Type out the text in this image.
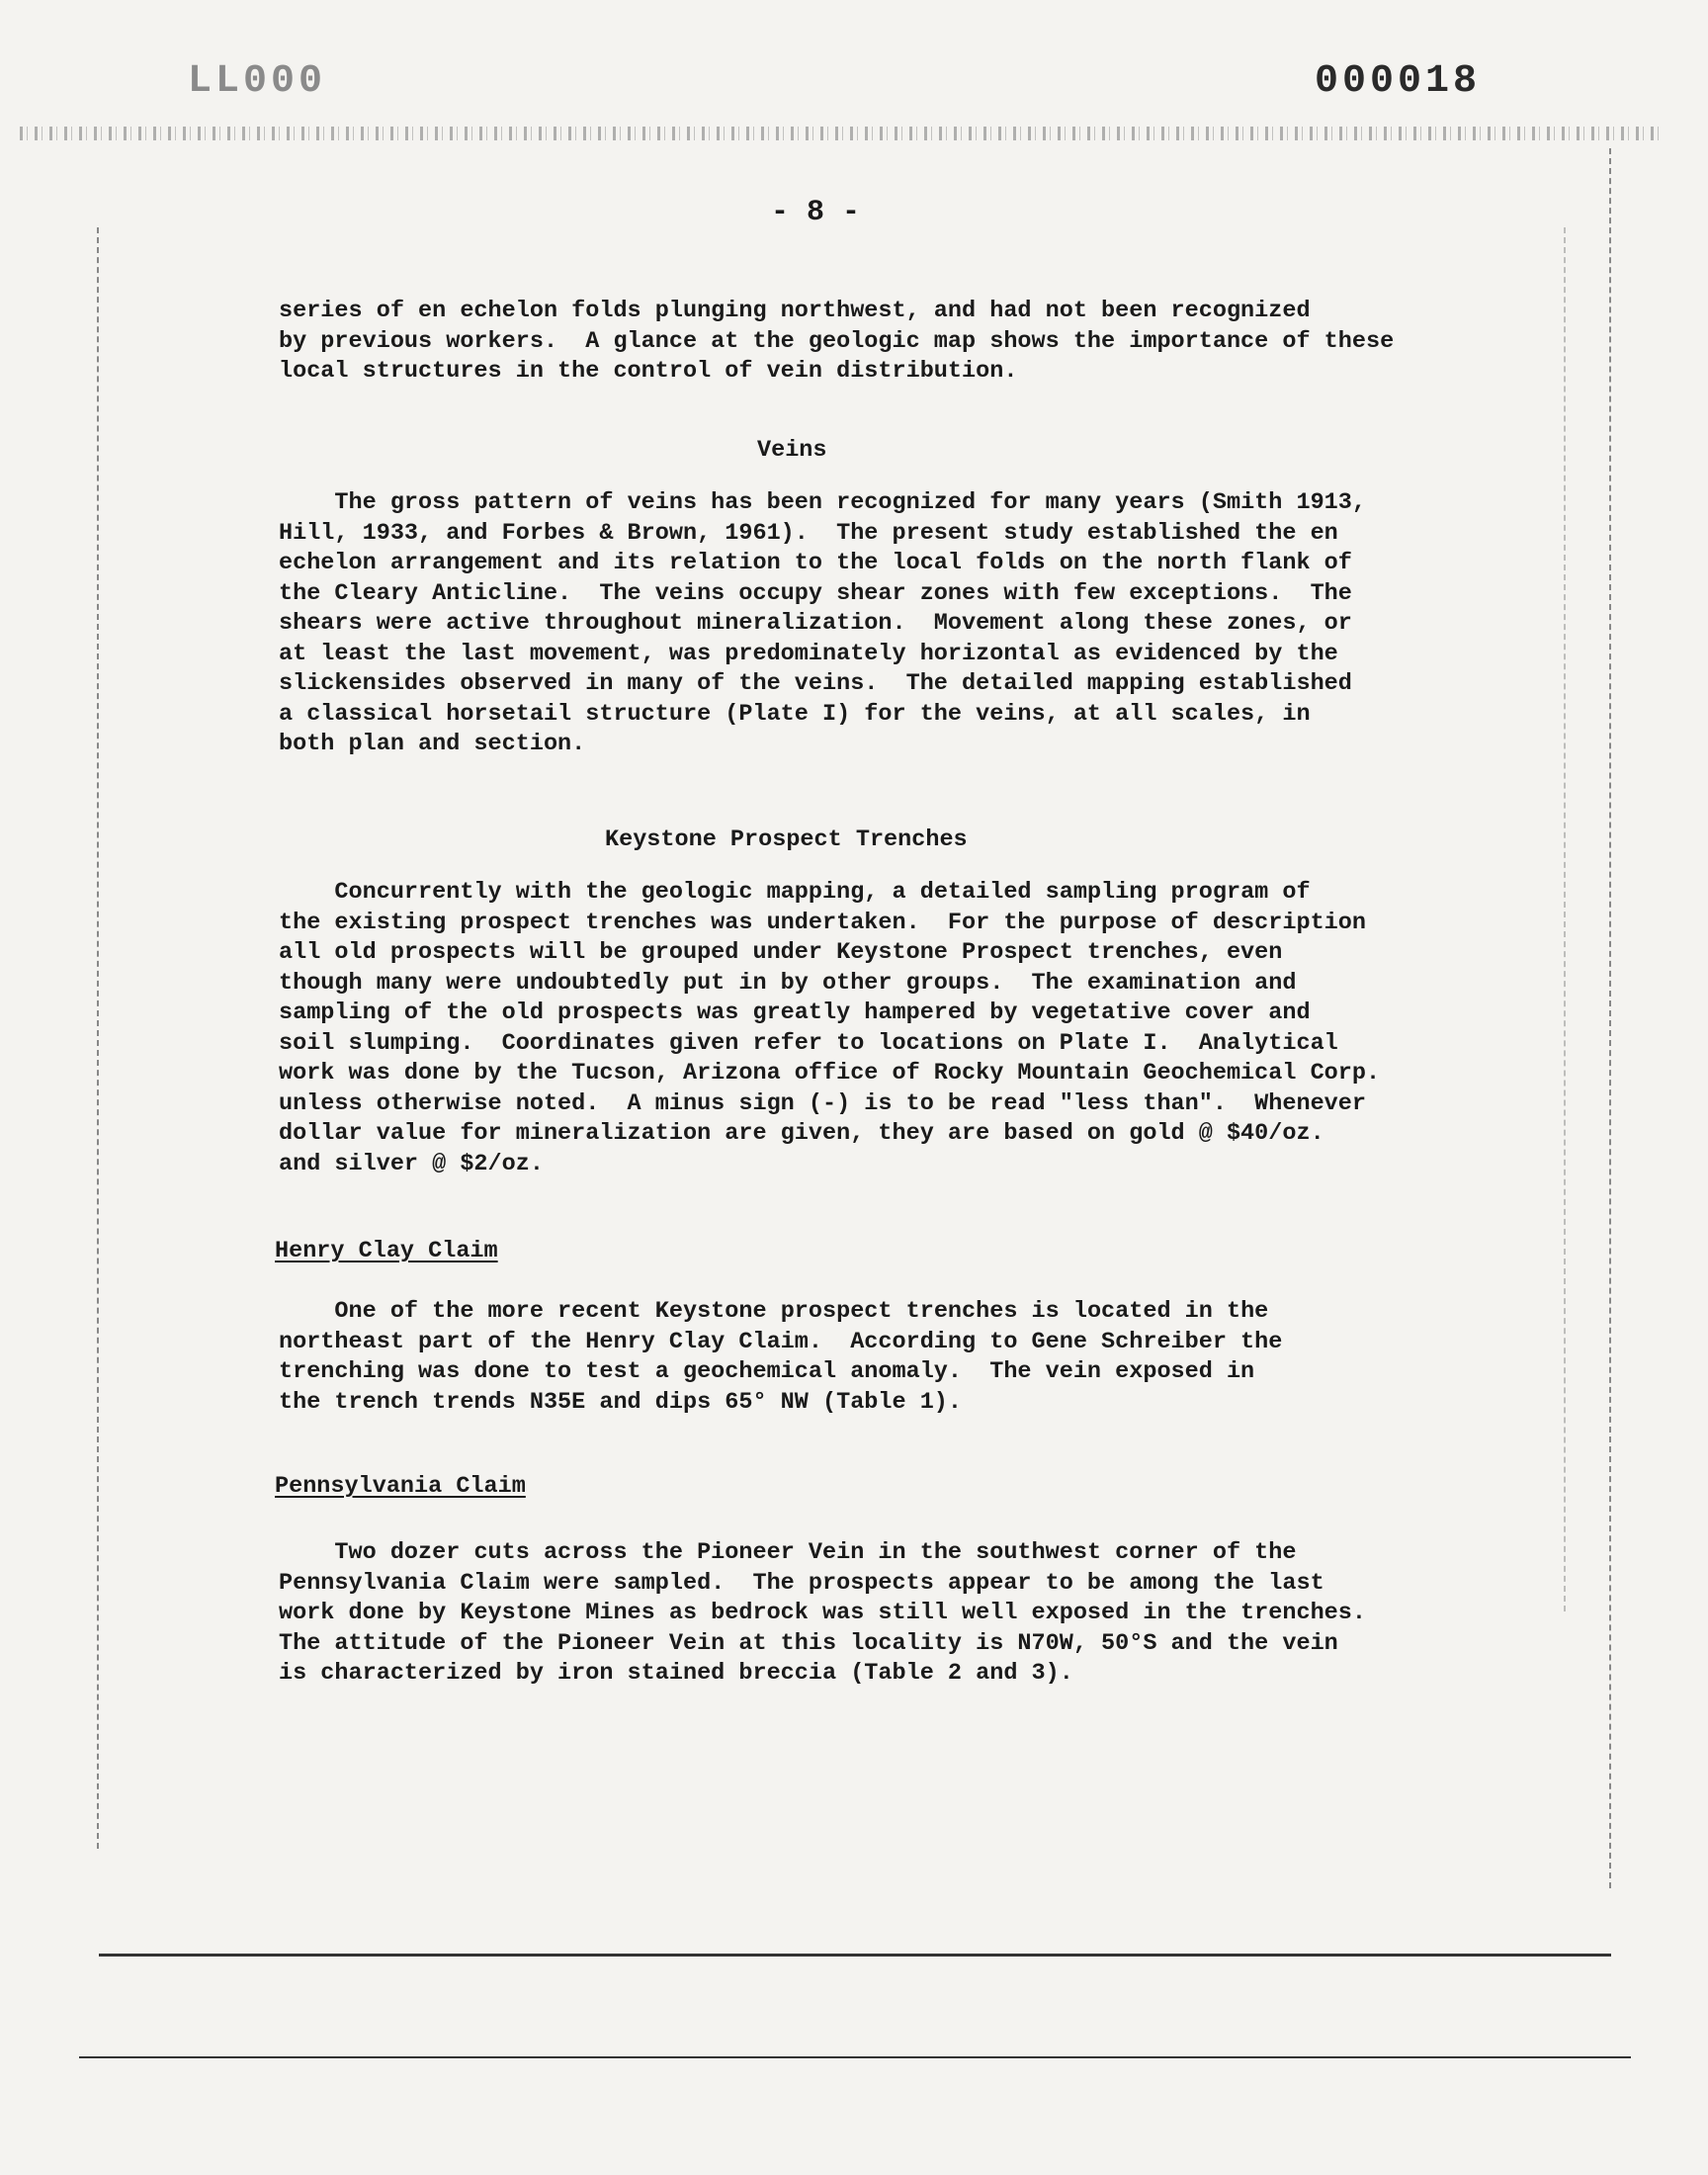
LL000	000018
- 8 -
series of en echelon folds plunging northwest, and had not been recognized
by previous workers.  A glance at the geologic map shows the importance of these
local structures in the control of vein distribution.
Veins
The gross pattern of veins has been recognized for many years (Smith 1913,
Hill, 1933, and Forbes & Brown, 1961).  The present study established the en
echelon arrangement and its relation to the local folds on the north flank of
the Cleary Anticline.  The veins occupy shear zones with few exceptions.  The
shears were active throughout mineralization.  Movement along these zones, or
at least the last movement, was predominately horizontal as evidenced by the
slickensides observed in many of the veins.  The detailed mapping established
a classical horsetail structure (Plate I) for the veins, at all scales, in
both plan and section.
Keystone Prospect Trenches
Concurrently with the geologic mapping, a detailed sampling program of
the existing prospect trenches was undertaken.  For the purpose of description
all old prospects will be grouped under Keystone Prospect trenches, even
though many were undoubtedly put in by other groups.  The examination and
sampling of the old prospects was greatly hampered by vegetative cover and
soil slumping.  Coordinates given refer to locations on Plate I.  Analytical
work was done by the Tucson, Arizona office of Rocky Mountain Geochemical Corp.
unless otherwise noted.  A minus sign (-) is to be read "less than".  Whenever
dollar value for mineralization are given, they are based on gold @ $40/oz.
and silver @ $2/oz.
Henry Clay Claim
One of the more recent Keystone prospect trenches is located in the
northeast part of the Henry Clay Claim.  According to Gene Schreiber the
trenching was done to test a geochemical anomaly.  The vein exposed in
the trench trends N35E and dips 65° NW (Table 1).
Pennsylvania Claim
Two dozer cuts across the Pioneer Vein in the southwest corner of the
Pennsylvania Claim were sampled.  The prospects appear to be among the last
work done by Keystone Mines as bedrock was still well exposed in the trenches.
The attitude of the Pioneer Vein at this locality is N70W, 50°S and the vein
is characterized by iron stained breccia (Table 2 and 3).
